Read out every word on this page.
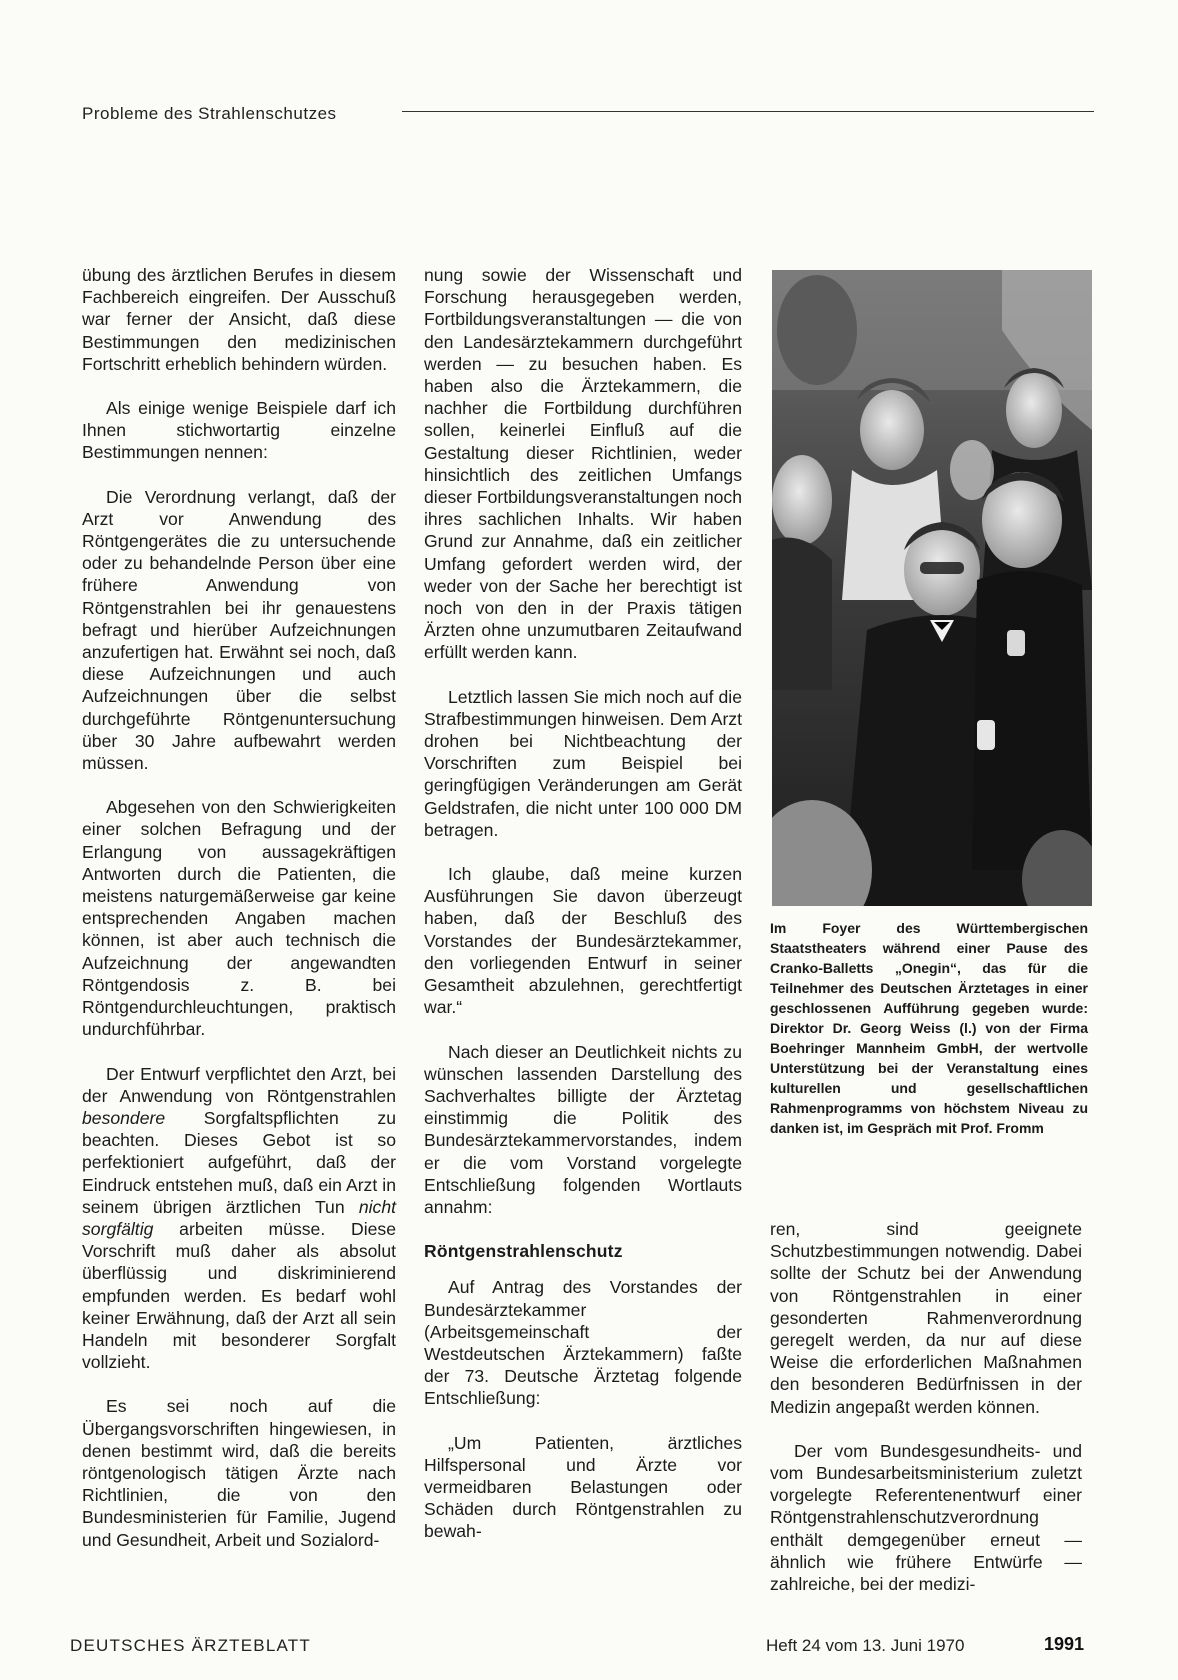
Probleme des Strahlenschutzes

übung des ärztlichen Berufes in diesem Fachbereich eingreifen. Der Ausschuß war ferner der Ansicht, daß diese Bestimmungen den medizinischen Fortschritt erheblich behindern würden.

Als einige wenige Beispiele darf ich Ihnen stichwortartig einzelne Bestimmungen nennen:

Die Verordnung verlangt, daß der Arzt vor Anwendung des Röntgengerätes die zu untersuchende oder zu behandelnde Person über eine frühere Anwendung von Röntgenstrahlen bei ihr genauestens befragt und hierüber Aufzeichnungen anzufertigen hat. Erwähnt sei noch, daß diese Aufzeichnungen und auch Aufzeichnungen über die selbst durchgeführte Röntgenuntersuchung über 30 Jahre aufbewahrt werden müssen.

Abgesehen von den Schwierigkeiten einer solchen Befragung und der Erlangung von aussagekräftigen Antworten durch die Patienten, die meistens naturgemäßerweise gar keine entsprechenden Angaben machen können, ist aber auch technisch die Aufzeichnung der angewandten Röntgendosis z. B. bei Röntgendurchleuchtungen, praktisch undurchführbar.

Der Entwurf verpflichtet den Arzt, bei der Anwendung von Röntgenstrahlen besondere Sorgfaltspflichten zu beachten. Dieses Gebot ist so perfektioniert aufgeführt, daß der Eindruck entstehen muß, daß ein Arzt in seinem übrigen ärztlichen Tun nicht sorgfältig arbeiten müsse. Diese Vorschrift muß daher als absolut überflüssig und diskriminierend empfunden werden. Es bedarf wohl keiner Erwähnung, daß der Arzt all sein Handeln mit besonderer Sorgfalt vollzieht.

Es sei noch auf die Übergangsvorschriften hingewiesen, in denen bestimmt wird, daß die bereits röntgenologisch tätigen Ärzte nach Richtlinien, die von den Bundesministerien für Familie, Jugend und Gesundheit, Arbeit und Sozialord-

nung sowie der Wissenschaft und Forschung herausgegeben werden, Fortbildungsveranstaltungen — die von den Landesärztekammern durchgeführt werden — zu besuchen haben. Es haben also die Ärztekammern, die nachher die Fortbildung durchführen sollen, keinerlei Einfluß auf die Gestaltung dieser Richtlinien, weder hinsichtlich des zeitlichen Umfangs dieser Fortbildungsveranstaltungen noch ihres sachlichen Inhalts. Wir haben Grund zur Annahme, daß ein zeitlicher Umfang gefordert werden wird, der weder von der Sache her berechtigt ist noch von den in der Praxis tätigen Ärzten ohne unzumutbaren Zeitaufwand erfüllt werden kann.

Letztlich lassen Sie mich noch auf die Strafbestimmungen hinweisen. Dem Arzt drohen bei Nichtbeachtung der Vorschriften zum Beispiel bei geringfügigen Veränderungen am Gerät Geldstrafen, die nicht unter 100 000 DM betragen.

Ich glaube, daß meine kurzen Ausführungen Sie davon überzeugt haben, daß der Beschluß des Vorstandes der Bundesärztekammer, den vorliegenden Entwurf in seiner Gesamtheit abzulehnen, gerechtfertigt war.“

Nach dieser an Deutlichkeit nichts zu wünschen lassenden Darstellung des Sachverhaltes billigte der Ärztetag einstimmig die Politik des Bundesärztekammervorstandes, indem er die vom Vorstand vorgelegte Entschließung folgenden Wortlauts annahm:

Röntgenstrahlenschutz

Auf Antrag des Vorstandes der Bundesärztekammer (Arbeitsgemeinschaft der Westdeutschen Ärztekammern) faßte der 73. Deutsche Ärztetag folgende Entschließung:

„Um Patienten, ärztliches Hilfspersonal und Ärzte vor vermeidbaren Belastungen oder Schäden durch Röntgenstrahlen zu bewah-

Im Foyer des Württembergischen Staatstheaters während einer Pause des Cranko-Balletts „Onegin“, das für die Teilnehmer des Deutschen Ärztetages in einer geschlossenen Aufführung gegeben wurde: Direktor Dr. Georg Weiss (l.) von der Firma Boehringer Mannheim GmbH, der wertvolle Unterstützung bei der Veranstaltung eines kulturellen und gesellschaftlichen Rahmenprogramms von höchstem Niveau zu danken ist, im Gespräch mit Prof. Fromm

ren, sind geeignete Schutzbestimmungen notwendig. Dabei sollte der Schutz bei der Anwendung von Röntgenstrahlen in einer gesonderten Rahmenverordnung geregelt werden, da nur auf diese Weise die erforderlichen Maßnahmen den besonderen Bedürfnissen in der Medizin angepaßt werden können.

Der vom Bundesgesundheits- und vom Bundesarbeitsministerium zuletzt vorgelegte Referentenentwurf einer Röntgenstrahlenschutzverordnung enthält demgegenüber erneut — ähnlich wie frühere Entwürfe — zahlreiche, bei der medizi-

DEUTSCHES ÄRZTEBLATT	Heft 24 vom 13. Juni 1970	1991
